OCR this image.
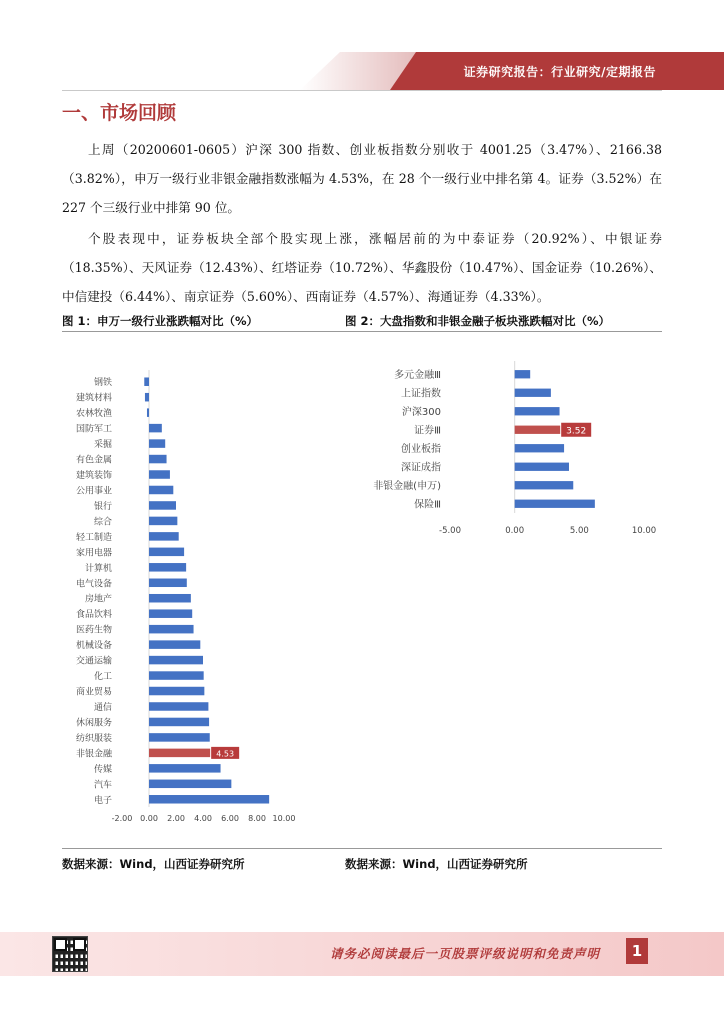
证券研究报告：行业研究/定期报告
一、市场回顾

上周（20200601-0605）沪深 300 指数、创业板指数分别收于 4001.25（3.47%）、2166.38（3.82%），申万一级行业非银金融指数涨幅为 4.53%，在 28 个一级行业中排名第 4。证券（3.52%）在 227 个三级行业中排第 90 位。

个股表现中，证券板块全部个股实现上涨，涨幅居前的为中泰证券（20.92%）、中银证券（18.35%）、天风证券（12.43%）、红塔证券（10.72%）、华鑫股份（10.47%）、国金证券（10.26%）、中信建投（6.44%）、南京证券（5.60%）、西南证券（4.57%）、海通证券（4.33%）。

图 1：申万一级行业涨跌幅对比（%）	图 2：大盘指数和非银金融子板块涨跌幅对比（%）
钢铁
建筑材料
农林牧渔
国防军工
采掘
有色金属
建筑装饰
公用事业
银行
综合
轻工制造
家用电器
计算机
电气设备
房地产
食品饮料
医药生物
机械设备
交通运输
化工
商业贸易
通信
休闲服务
纺织服装
非银金融	4.53
传媒
汽车
电子
-2.00 0.00 2.00 4.00 6.00 8.00 10.00
多元金融Ⅲ
上证指数
沪深300
证券Ⅲ	3.52
创业板指
深证成指
非银金融(申万)
保险Ⅲ
-5.00	0.00	5.00	10.00
数据来源：Wind，山西证券研究所	数据来源：Wind，山西证券研究所
请务必阅读最后一页股票评级说明和免责声明	1
